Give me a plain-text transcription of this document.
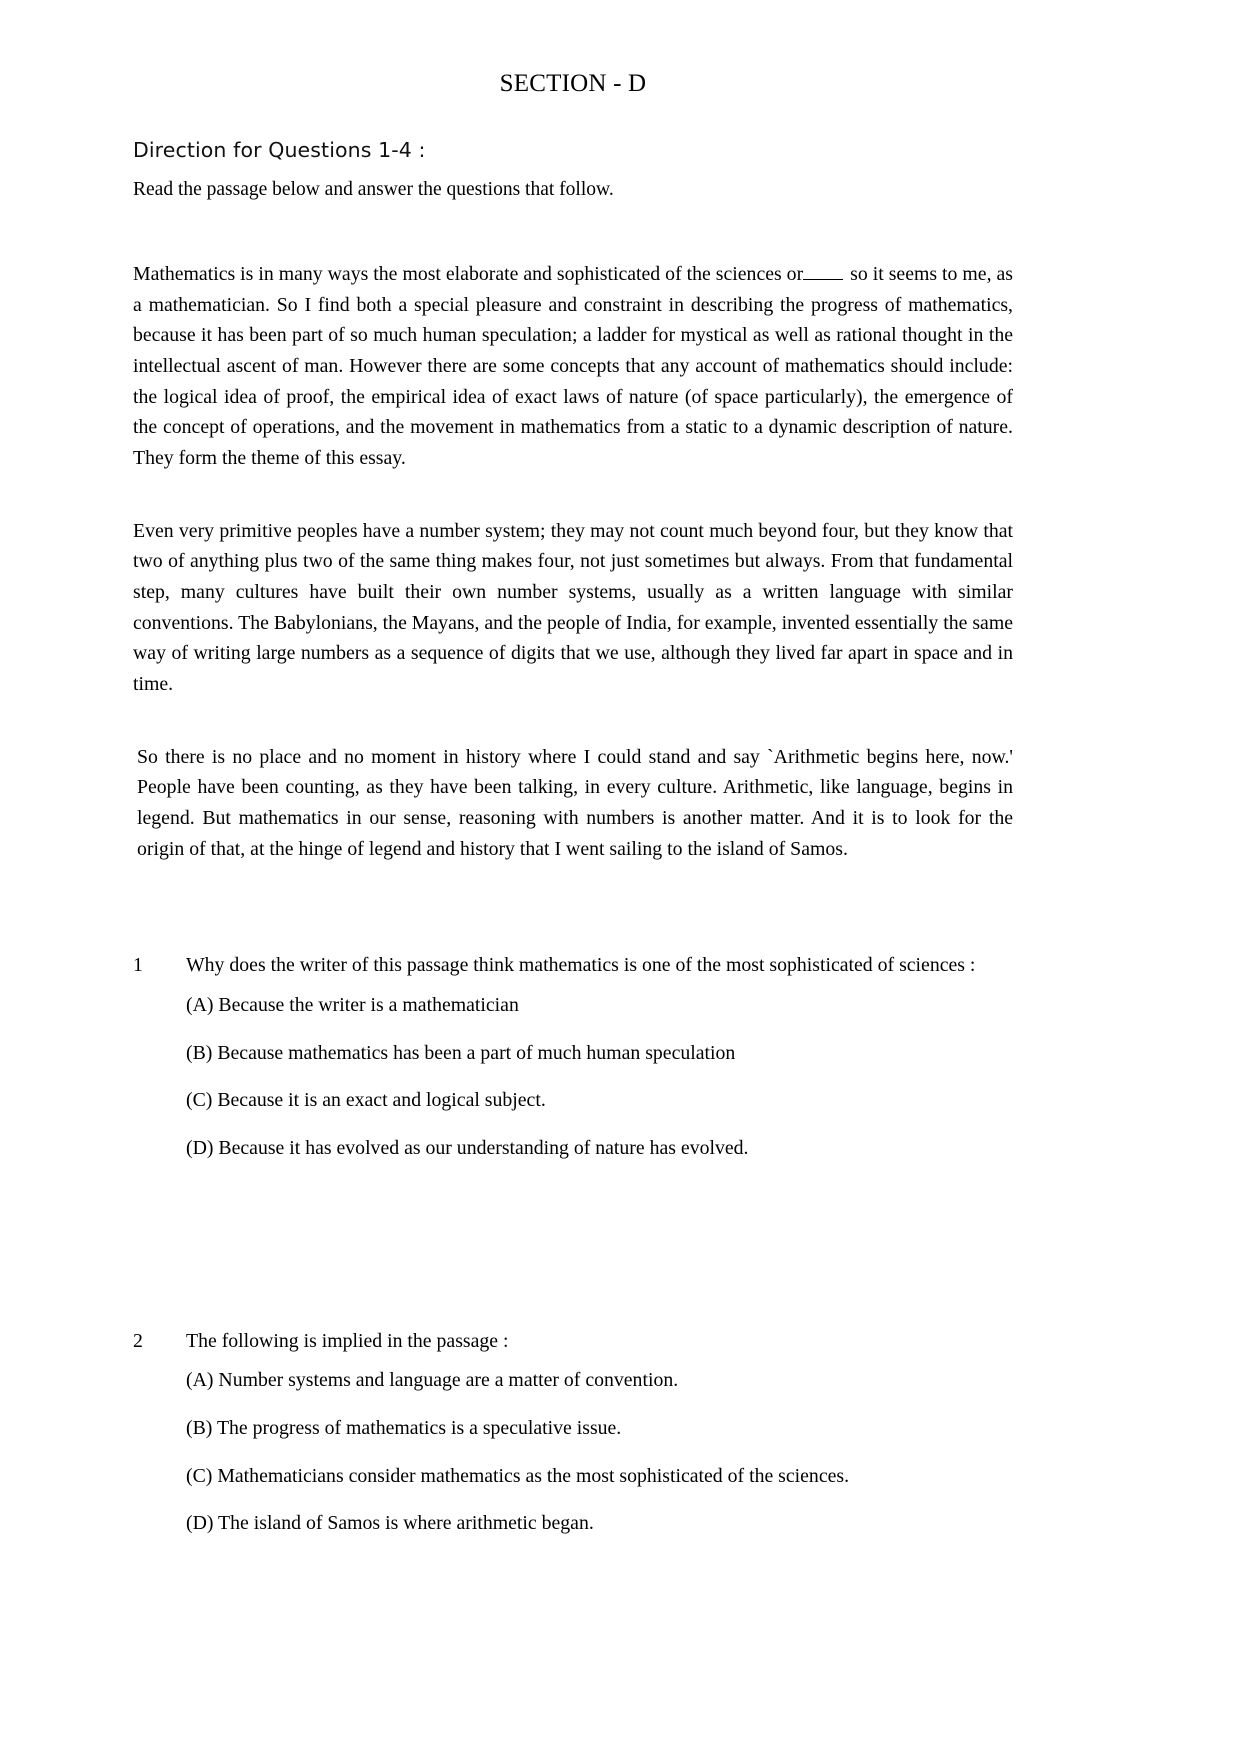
SECTION - D
Direction for Questions 1-4 :
Read the passage below and answer the questions that follow.

Mathematics is in many ways the most elaborate and sophisticated of the sciences or so it seems to me, as a mathematician. So I find both a special pleasure and constraint in describing the progress of mathematics, because it has been part of so much human speculation; a ladder for mystical as well as rational thought in the intellectual ascent of man. However there are some concepts that any account of mathematics should include: the logical idea of proof, the empirical idea of exact laws of nature (of space particularly), the emergence of the concept of operations, and the movement in mathematics from a static to a dynamic description of nature. They form the theme of this essay.

Even very primitive peoples have a number system; they may not count much beyond four, but they know that two of anything plus two of the same thing makes four, not just sometimes but always. From that fundamental step, many cultures have built their own number systems, usually as a written language with similar conventions. The Babylonians, the Mayans, and the people of India, for example, invented essentially the same way of writing large numbers as a sequence of digits that we use, although they lived far apart in space and in time.

So there is no place and no moment in history where I could stand and say `Arithmetic begins here, now.' People have been counting, as they have been talking, in every culture. Arithmetic, like language, begins in legend. But mathematics in our sense, reasoning with numbers is another matter. And it is to look for the origin of that, at the hinge of legend and history that I went sailing to the island of Samos.

1	Why does the writer of this passage think mathematics is one of the most sophisticated of sciences :

(A) Because the writer is a mathematician
(B) Because mathematics has been a part of much human speculation
(C) Because it is an exact and logical subject.
(D) Because it has evolved as our understanding of nature has evolved.
2	The following is implied in the passage :

(A) Number systems and language are a matter of convention.
(B) The progress of mathematics is a speculative issue.
(C) Mathematicians consider mathematics as the most sophisticated of the sciences.
(D) The island of Samos is where arithmetic began.
